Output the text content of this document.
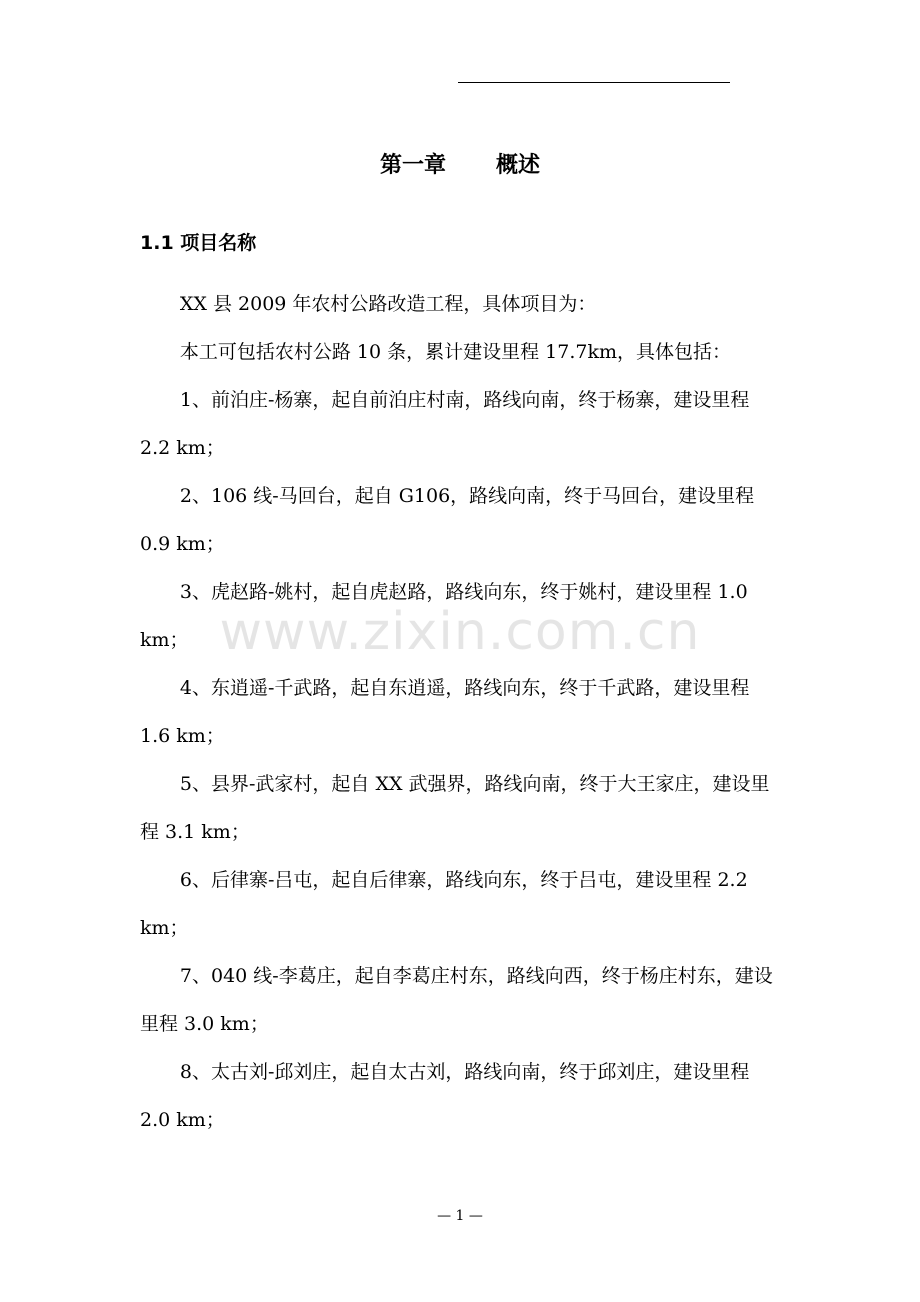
第一章 概述
1.1 项目名称

XX 县 2009 年农村公路改造工程，具体项目为：

本工可包括农村公路 10 条，累计建设里程 17.7km，具体包括：

1、前泊庄-杨寨，起自前泊庄村南，路线向南，终于杨寨，建设里程 2.2 km；

2、106 线-马回台，起自 G106，路线向南，终于马回台，建设里程 0.9 km；

3、虎赵路-姚村，起自虎赵路，路线向东，终于姚村，建设里程 1.0 km；

4、东逍遥-千武路，起自东逍遥，路线向东，终于千武路，建设里程 1.6 km；

5、县界-武家村，起自 XX 武强界，路线向南，终于大王家庄，建设里程 3.1 km；

6、后律寨-吕屯，起自后律寨，路线向东，终于吕屯，建设里程 2.2 km；

7、040 线-李葛庄，起自李葛庄村东，路线向西，终于杨庄村东，建设里程 3.0 km；

8、太古刘-邱刘庄，起自太古刘，路线向南，终于邱刘庄，建设里程 2.0 km；

www.zixin.com.cn
— 1 —
